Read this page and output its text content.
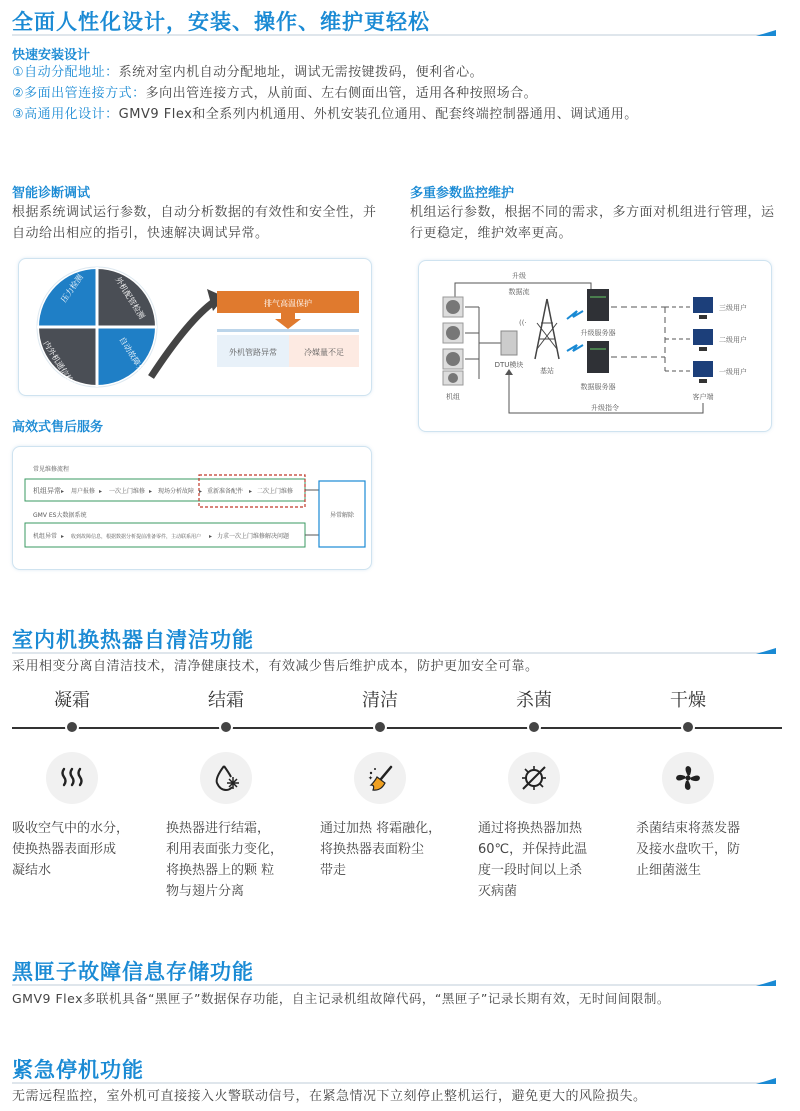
全面人性化设计，安装、操作、维护更轻松
快速安装设计
①自动分配地址：系统对室内机自动分配地址，调试无需按键拨码，便利省心。
②多面出管连接方式：多向出管连接方式，从前面、左右侧面出管，适用各种按照场合。
③高通用化设计：GMV9 Flex和全系列内机通用、外机安装孔位通用、配套终端控制器通用、调试通用。
智能诊断调试
根据系统调试运行参数，自动分析数据的有效性和安全性，并自动给出相应的指引，快速解决调试异常。
压力检测	外机配管检测
自动故障分析
内外机通信检测
排气高温保护
外机管路异常	冷媒量不足
多重参数监控维护
机组运行参数，根据不同的需求，多方面对机组进行管理，运行更稳定，维护效率更高。
升级
数据流
机组
DTU模块
((·
基站
升级服务器
数据服务器
三级用户
二级用户
一级用户
客户端
升级指令
高效式售后服务
常见维修流程
机组异常 ▸ 用户报修 ▸ 一次上门维修 ▸ 现场分析故障 ▸ 重新准备配件 ▸ 二次上门维修
GMV ES大数据系统
机组异常 ▸ 收到故障信息，根据数据分析提前准备零件，主动联系用户 ▸ 力求一次上门维修解决问题
异常解除
室内机换热器自清洁功能
采用相变分离自清洁技术，清净健康技术，有效减少售后维护成本，防护更加安全可靠。
凝霜
吸收空气中的水分，
使换热器表面形成
凝结水
结霜
换热器进行结霜，
利用表面张力变化，
将换热器上的颗 粒
物与翅片分离
清洁
✦
通过加热 将霜融化，
将换热器表面粉尘
带走
杀菌
通过将换热器加热
60℃，并保持此温
度一段时间以上杀
灭病菌
干燥
杀菌结束将蒸发器
及接水盘吹干，防
止细菌滋生
黑匣子故障信息存储功能
GMV9 Flex多联机具备“黑匣子”数据保存功能，自主记录机组故障代码，“黑匣子”记录长期有效，无时间间限制。
紧急停机功能
无需远程监控，室外机可直接接入火警联动信号，在紧急情况下立刻停止整机运行，避免更大的风险损失。
